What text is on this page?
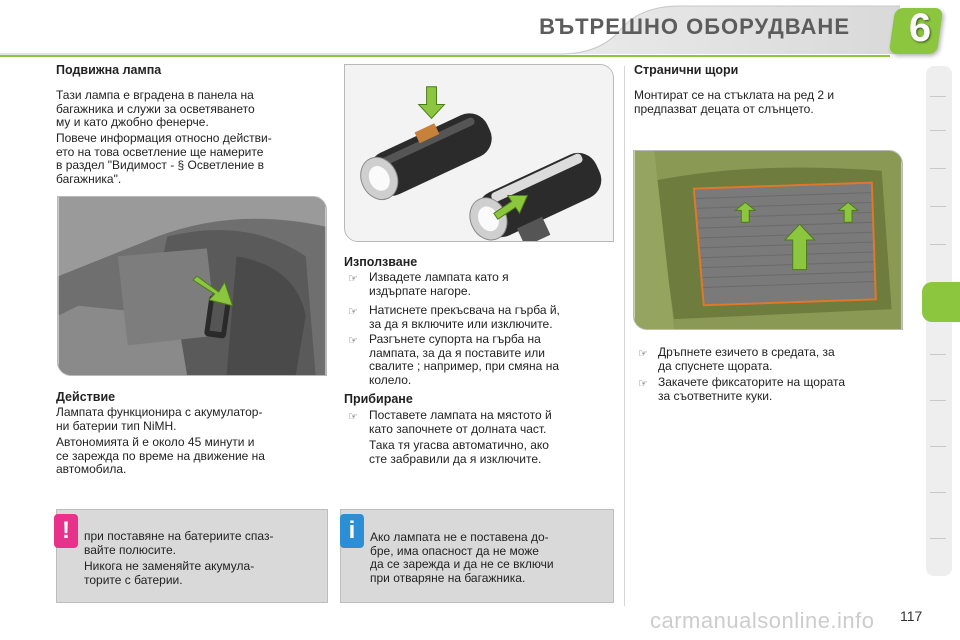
ВЪТРЕШНО ОБОРУДВАНЕ 6
Подвижна лампа
Тази лампа е вградена в панела на
багажника и служи за осветяването
му и като джобно фенерче.
Повече информация относно действи-
ето на това осветление ще намерите
в раздел "Видимост - § Осветление в
багажника".
Действие
Лампата функционира с акумулатор-
ни батерии тип NiMH.
Автономията й е около 45 минути и
се зарежда по време на движение на
автомобила.
!	при поставяне на батериите спаз-
вайте полюсите.
Никога не заменяйте акумула-
торите с батерии.
Използване
☞ Извадете лампата като я
издърпате нагоре.
☞ Натиснете прекъсвача на гърба й,
за да я включите или изключите.
☞ Разгънете супорта на гърба на
лампата, за да я поставите или
свалите ; например, при смяна на
колело.
Прибиране
☞ Поставете лампата на мястото й
като започнете от долната част.
Така тя угасва автоматично, ако
сте забравили да я изключите.
i	Ако лампата не е поставена до-
бре, има опасност да не може
да се зарежда и да не се включи
при отваряне на багажника.
Странични щори
Монтират се на стъклата на ред 2 и
предпазват децата от слънцето.
☞ Дръпнете езичето в средата, за
да спуснете щората.
☞ Закачете фиксаторите на щората
за съответните куки.
carmanualsonline.info 117
